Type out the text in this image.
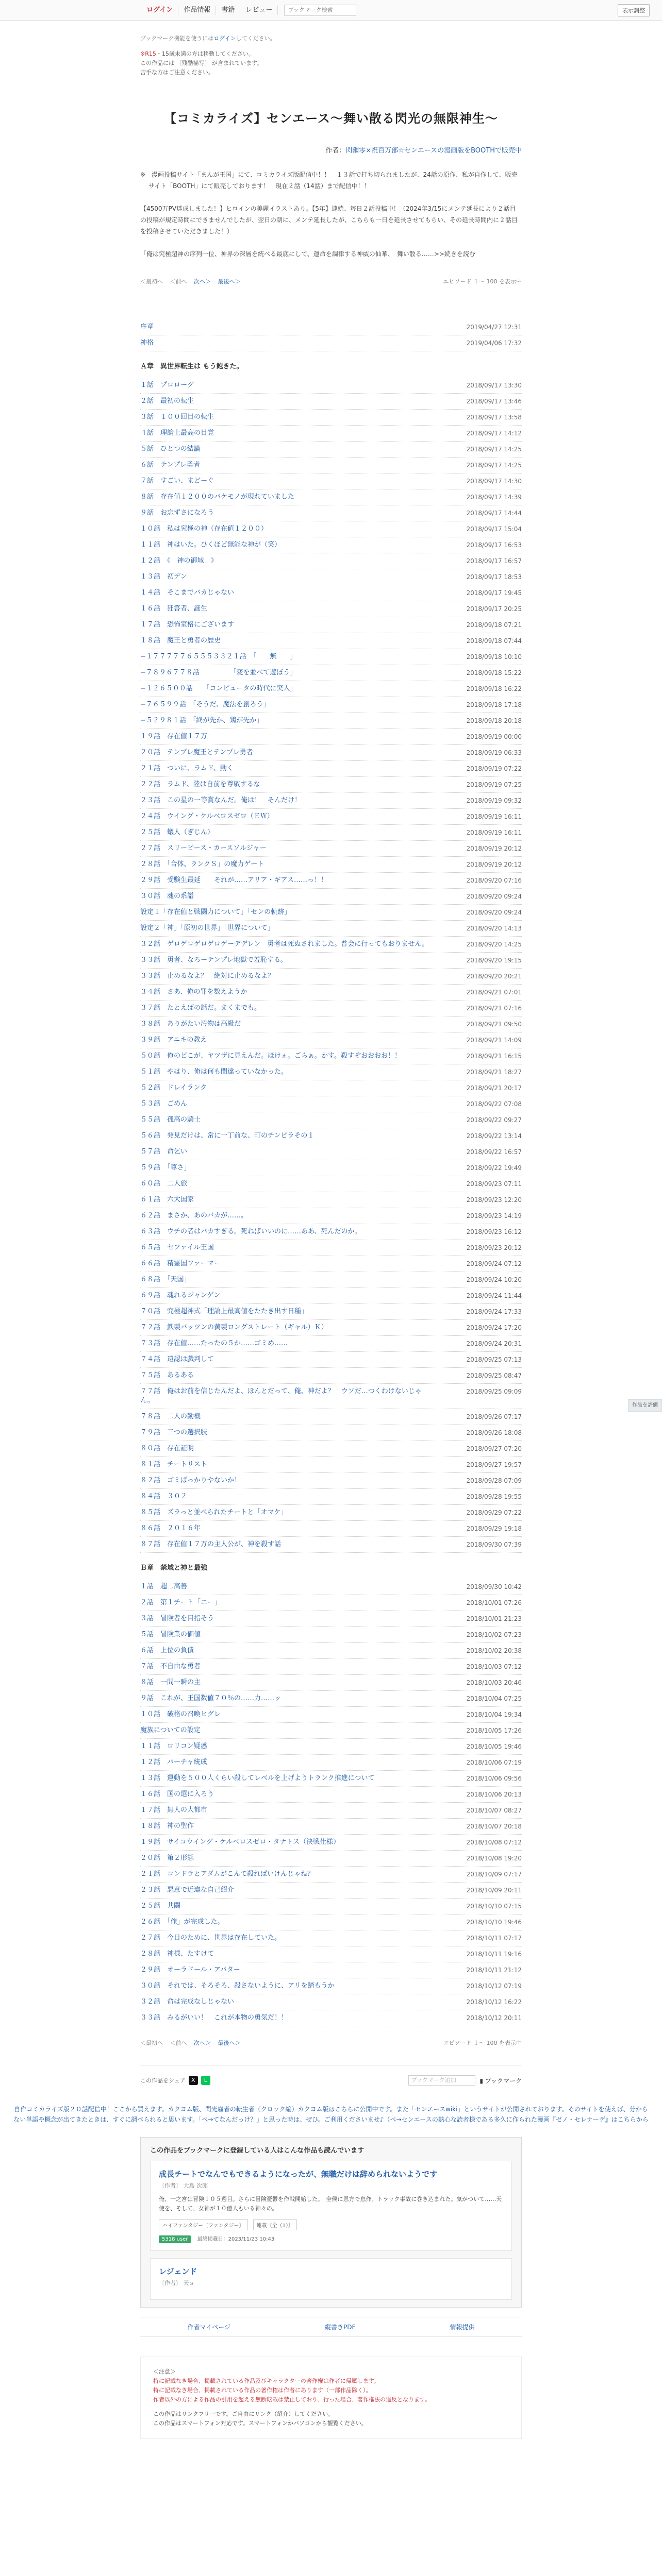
ログイン	作品情報	書籍	レビュー
ブックマーク検索	表示調整
ブックマーク機能を使うにはログインしてください。
※R15・15歳未満の方は移動してください。
この作品には 〔残酷描写〕 が含まれています。
苦手な方はご注意ください。
【コミカライズ】センエース〜舞い散る閃光の無限神生〜
作者：閃幽零×祝百万部☆センエースの漫画版をBOOTHで販売中

※　漫画投稿サイト「まんが王国」にて、コミカライズ版配信中！！　１３話で打ち切られましたが、24話の原作、私が自作して、販売サイト「BOOTH」にて販売しております！　現在２話（14話）まで配信中！！

【4500万PV達成しました！】ヒロインの美麗イラストあり。【5年】連続、毎日２話投稿中！（2024年3/15にメンテ延長により２話目の投稿が規定時間にできませんでしたが、翌日の朝に、メンテ延長したが、こちらも一日を延長させてもらい、その延長時間内に２話目を投稿させていただきました！）

「俺は究極超神の序列一位、神界の深層を統べる最底にして、運命を調律する神威の仙華、　舞い散る……>>続きを読む

＜最初へ ＜前へ 次へ＞ 最後へ＞	エピソード １～ 100 を表示中
序章	2019/04/27 12:31
神格	2019/04/06 17:32
Ａ章　異世界転生は もう飽きた。
１話　プロローグ	2018/09/17 13:30
２話　最初の転生	2018/09/17 13:46
３話　１００回目の転生	2018/09/17 13:58
４話　理論上最高の目覚	2018/09/17 14:12
５話　ひとつの結論	2018/09/17 14:25
６話　テンプレ勇者	2018/09/17 14:25
７話　すごい、まどーぐ	2018/09/17 14:30
８話　存在値１２００のバケモノが現れていました	2018/09/17 14:39
９話　お忘ずさになろう	2018/09/17 14:44
１０話　私は究極の神（存在値１２００）	2018/09/17 15:04
１１話　神はいた。ひくほど無能な神が（笑）	2018/09/17 16:53
１２話　《　神の御域　》	2018/09/17 16:57
１３話　初デン	2018/09/17 18:53
１４話　そこまでバカじゃない	2018/09/17 19:45
１６話　狂答者、誕生	2018/09/17 20:25
１７話　恐怖室格にございます	2018/09/18 07:21
１８話　魔王と勇者の歴史	2018/09/18 07:44
−１７７７７７６５５５３３２１話　「　　無　　」	2018/09/18 10:10
−７８９６７７８話　　　　　「変を並べて遊ぼう」	2018/09/18 15:22
−１２６５００話　　「コンピュータの時代に突入」	2018/09/18 16:22
−７６５９９話　「そうだ、魔法を創ろう」	2018/09/18 17:18
−５２９８１話　「終が先か、鶏が先か」	2018/09/18 20:18
１９話　存在値１７万	2018/09/19 00:00
２０話　テンプレ魔王とテンプレ勇者	2018/09/19 06:33
２１話　ついに、ラムド、動く	2018/09/19 07:22
２２話　ラムド、陸は自前を尊敬するな	2018/09/19 07:25
２３話　この星の一等賞なんだ。俺は！　そんだけ！	2018/09/19 09:32
２４話　ウイング・ケルベロスゼロ（ＥＷ）	2018/09/19 16:11
２５話　蟻人（ぎじん）	2018/09/19 16:11
２７話　スリーピース・カースソルジャー	2018/09/19 20:12
２８話　「合体、ランクＳ」の魔力ゲート	2018/09/19 20:12
２９話　受験生最延　　それが……アリア・ギアス……っ！！	2018/09/20 07:16
３０話　魂の系譜	2018/09/20 09:24
設定１「存在値と戦闘力について」「センの軌跡」	2018/09/20 09:24
設定２「神」「原初の世界」「世界について」	2018/09/20 14:13
３２話　ゲロゲロゲロゲロゲーデデレン　勇者は死ぬされました。普会に行ってもおりません。	2018/09/20 14:25
３３話　勇者、なろーテンプレ地獄で羞恥する。	2018/09/20 19:15
３３話　止めるなよ？　絶対に止めるなよ？	2018/09/20 20:21
３４話　さあ、俺の罪を数えようか	2018/09/21 07:01
３７話　たとえばの話だ。まくまでも。	2018/09/21 07:16
３８話　ありがたい汚物は高級だ	2018/09/21 09:50
３９話　アニキの教え	2018/09/21 14:09
５０話　俺のどこが、ヤツザに見えんだ。ほけぇ。ごらぁ。かす。殺すぞおおおお！！	2018/09/21 16:15
５１話　やはり、俺は何も間違っていなかった。	2018/09/21 18:27
５２話　ドレイランク	2018/09/21 20:17
５３話　ごめん	2018/09/22 07:08
５５話　孤高の騎士	2018/09/22 09:27
５６話　発見だけは、常に一丁前な、町のチンピラその１	2018/09/22 13:14
５７話　命乞い	2018/09/22 16:57
５９話　「尊さ」	2018/09/22 19:49
６０話　二人旅	2018/09/23 07:11
６１話　六大国家	2018/09/23 12:20
６２話　まさか、あのバカが……。	2018/09/23 14:19
６３話　ウチの者はバカすぎる。死ねばいいのに……ああ、死んだのか。	2018/09/23 16:12
６５話　セファイル王国	2018/09/23 20:12
６６話　精霊国ファーマー	2018/09/24 07:12
６８話　「天国」	2018/09/24 10:20
６９話　魂れるジャンゲン	2018/09/24 11:44
７０話　究極超神式「理論上最高値をたたき出す日種」	2018/09/24 17:33
７２話　鉄製バッツンの黄製ロングストレート（ギャル）Ｋ）	2018/09/24 17:20
７３話　存在値……たったの５か……ゴミめ……	2018/09/24 20:31
７４話　遠認は戯判して	2018/09/25 07:13
７５話　あるある	2018/09/25 08:47
７７話　俺はお前を信じたんだよ、ほんとだって、俺、神だよ？　ウソだ…つくわけないじゃん。
2018/09/25 09:09
７８話　二人の勤機	2018/09/26 07:17
７９話　三つの選択肢	2018/09/26 18:08
８０話　存在証明	2018/09/27 07:20
８１話　チートリスト	2018/09/27 19:57
８２話　ゴミばっかりやないか！	2018/09/28 07:09
８４話　３０２	2018/09/28 19:55
８５話　ズラっと並べられたチートと「オマケ」	2018/09/29 07:22
８６話　２０１６年	2018/09/29 19:18
８７話　存在値１７万の主人公が、神を殺す話	2018/09/30 07:39
Ｂ章　禁域と神と最強
１話　超二高善	2018/09/30 10:42
２話　第１チート「ニー」	2018/10/01 07:26
３話　冒険者を目指そう	2018/10/01 21:23
５話　冒険業の価値	2018/10/02 07:23
６話　上位の負債	2018/10/02 20:38
７話　不自由な勇者	2018/10/03 07:12
８話　一間一瞬の主	2018/10/03 20:46
９話　これが、王国数値７０％の……力……ッ	2018/10/04 07:25
１０話　破格の召喚ヒグレ	2018/10/04 19:34
魔族についての設定	2018/10/05 17:26
１１話　ロリコン疑惑	2018/10/05 19:46
１２話　パーチャ統成	2018/10/06 07:19
１３話　運動を５００人くらい殺してレベルを上げようトランク推進について	2018/10/06 09:56
１６話　国の選に入ろう	2018/10/06 20:13
１７話　無人の大都市	2018/10/07 08:27
１８話　神の聖作	2018/10/07 20:18
１９話　サイコウイング・ケルベロスゼロ・タナトス（決戦仕様）	2018/10/08 07:12
２０話　第２形態	2018/10/08 19:20
２１話　コンドラとアダムがこんて殺ればいけんじゃね？	2018/10/09 07:17
２３話　悪意で近違な自己紹介	2018/10/09 20:11
２５話　共闘	2018/10/10 07:15
２６話　「俺」が完成した。	2018/10/10 19:46
２７話　今日のために、世界は存在していた。	2018/10/11 07:17
２８話　神様、たすけて	2018/10/11 19:16
２９話　オーラドール・アバター	2018/10/11 21:12
３０話　それでは、そろそろ、殺さないように、アリを踏もうか	2018/10/12 07:19
３２話　命は完成なしじゃない	2018/10/12 16:22
３３話　みるがいい！　これが本物の勇気だ！！	2018/10/12 20:11
＜最初へ ＜前へ 次へ＞ 最後へ＞	エピソード １～ 100 を表示中
この作品をシェア	X	L	ブックマーク追加	▮ ブックマーク
自作コミカライズ版２０話配信中！ここから買えます。カクヨム版、閃光雇者の転生者（クロック編）カクヨム版はこちらに公開中です。また「センエースwiki」というサイトが公開されております。そのサイトを使えば、分からない単語や概念が出てきたときは、すぐに調べられると思います。「ペ→てなんだっけ？」と思った時は、ぜひ。ご利用くださいませ♪（ぺ→センエースの熱心な読者様である多久に作られた漫画『ゼノ・セレナーデ』はこちらから
この作品をブックマークに登録している人はこんな作品も読んでいます
成長チートでなんでもできるようになったが、無職だけは辞められないようです
〔作者〕 大島 次郎
俺、一之宮は冒険１０５週目。さらに冒険憂鬱を作戦開始した。　全候に恩方で息作。トラック事故に巻き込まれた。気がついて……天使を、そして、女神が１０億人もいる神々の。
ハイファンタジー〔ファンタジー〕 連載〔全（1）〕
5318 user 最終掲載日：2023/11/23 10:43
レジェンド
〔作者〕 天ｓ
作者マイページ	縦書きPDF	情報提供
＜注意＞
特に記載なき場合、掲載されている作品及びキャラクターの著作権は作者に帰属します。
特に記載なき場合、掲載されている作品の著作権は作者にあります（一部作品除く）。
作者以外の方による作品の引用を超える無断転載は禁止しており、行った場合、著作権法の違反となります。
この作品はリンクフリーです。ご自由にリンク（紹介）してください。
この作品はスマートフォン対応です。スマートフォンかパソコンから観覧ください。
作品を評価
